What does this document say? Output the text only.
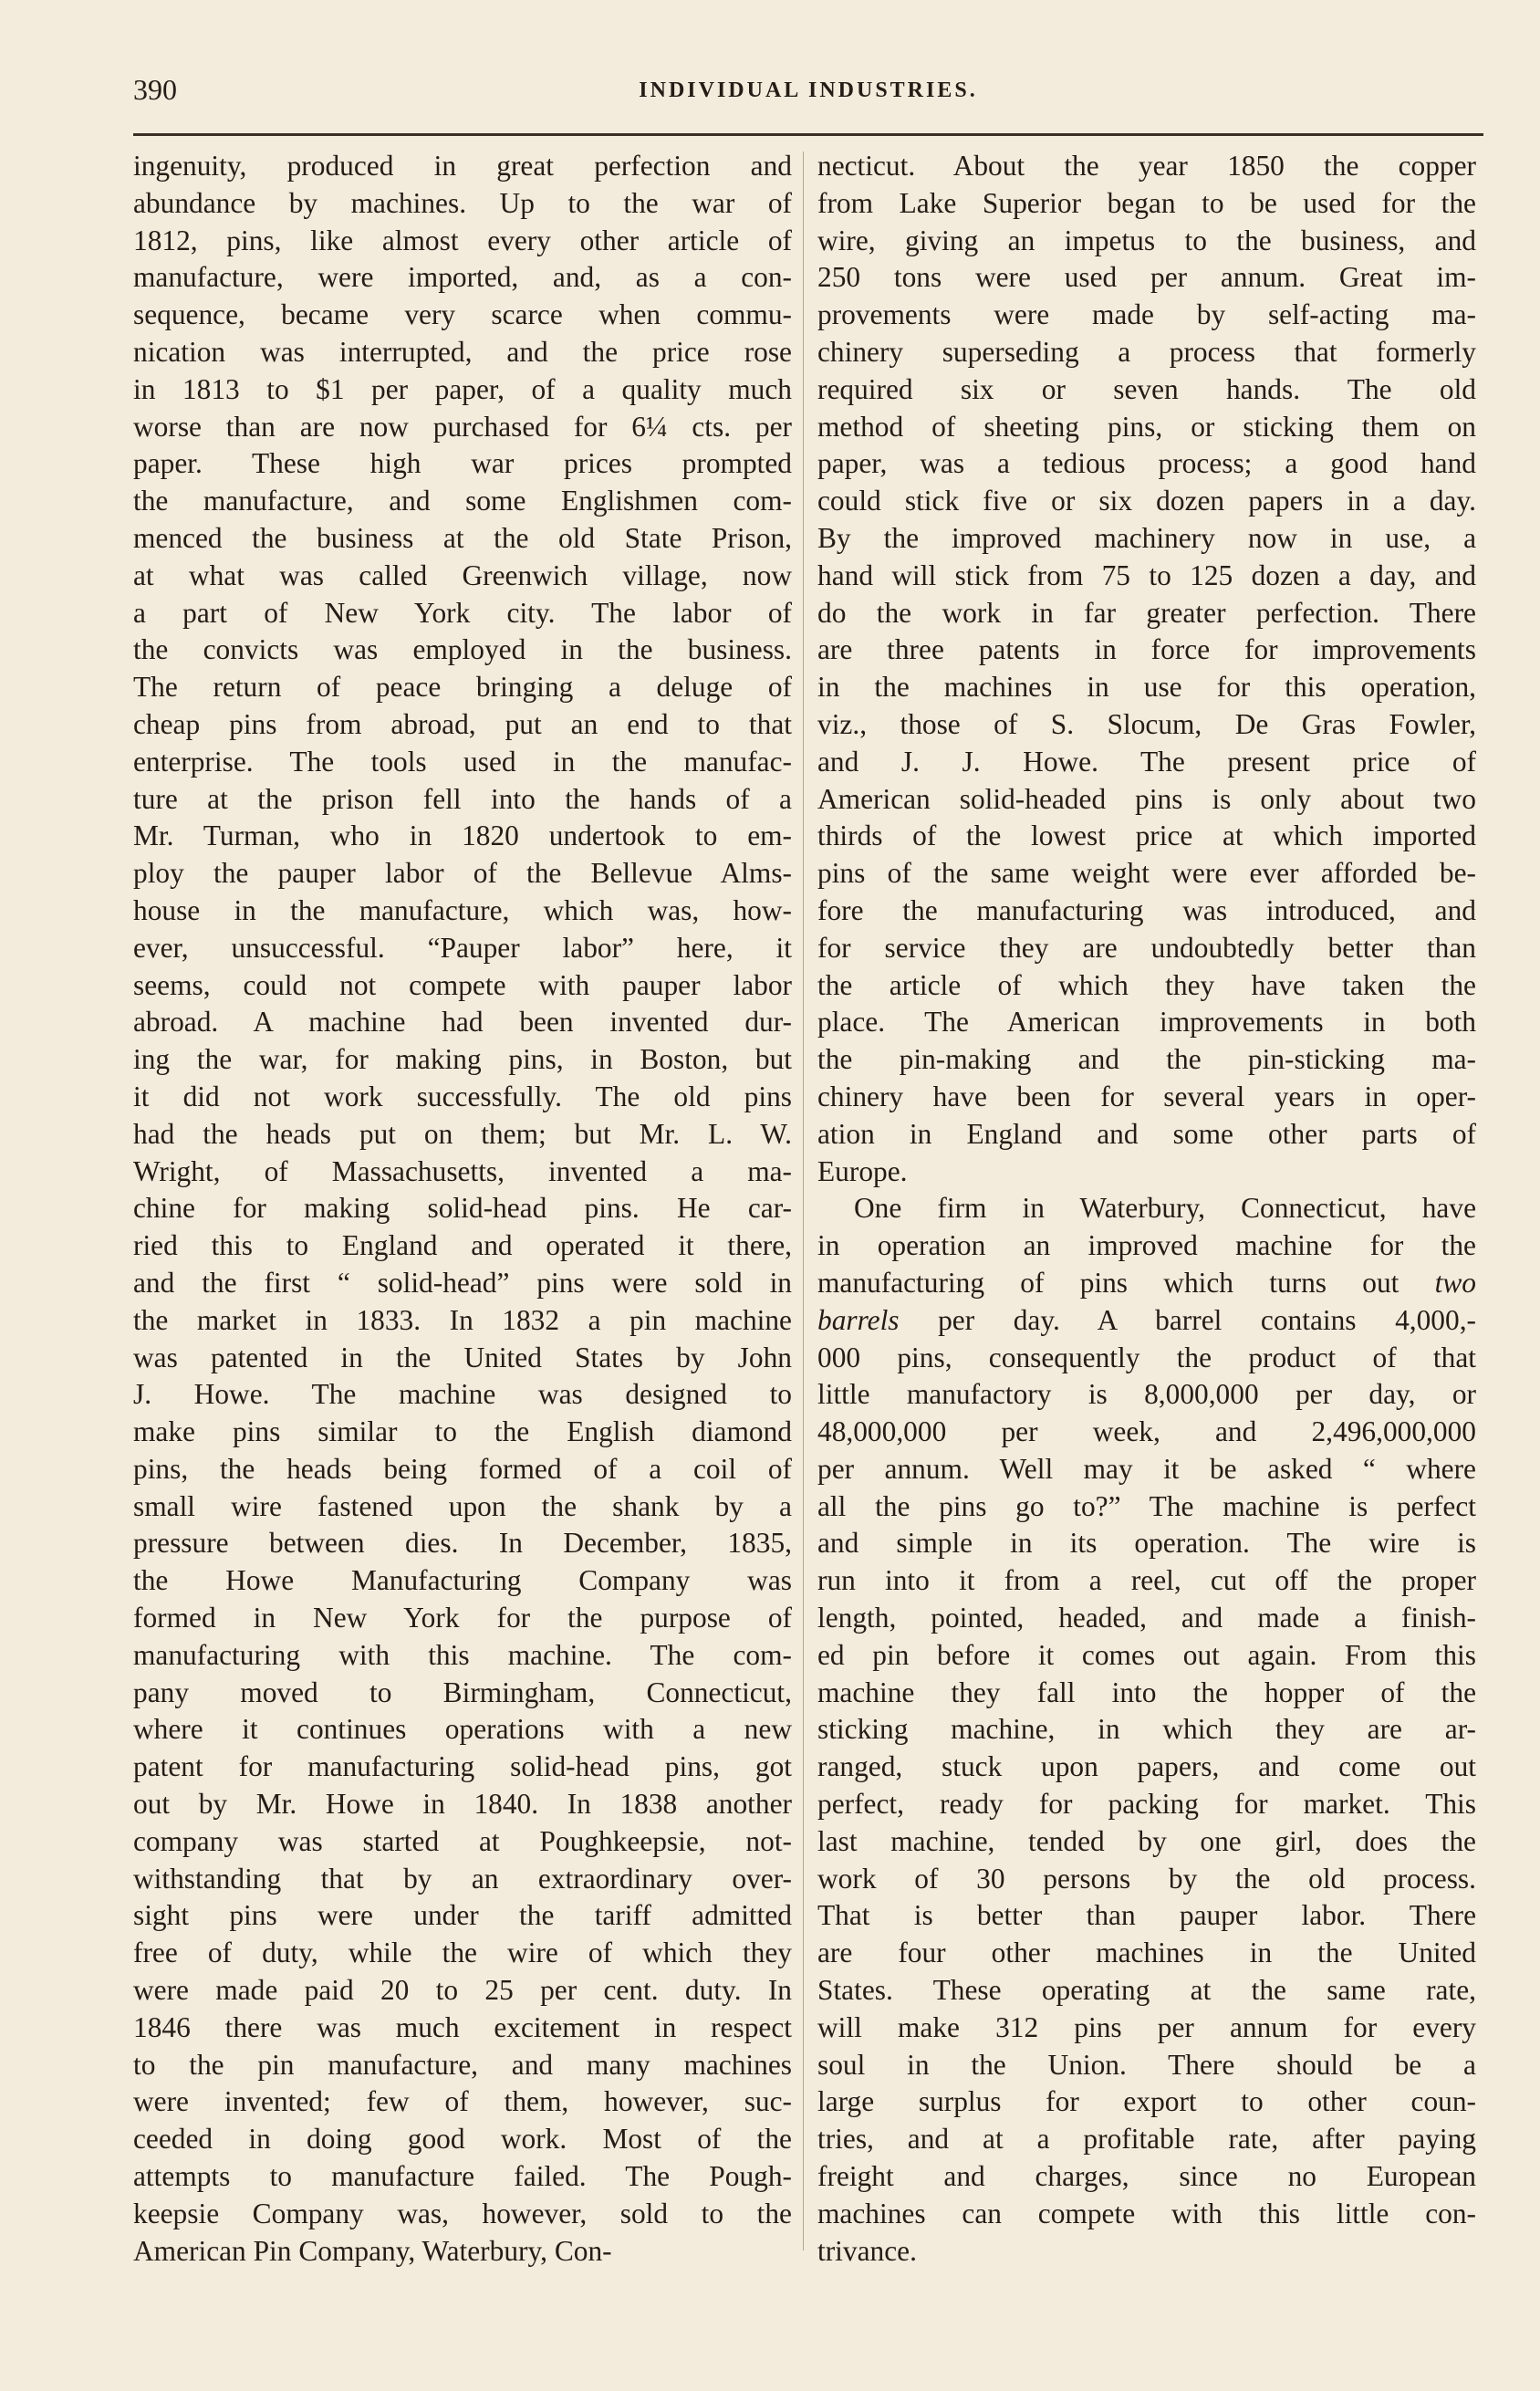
390	INDIVIDUAL INDUSTRIES.
ingenuity, produced in great perfection and
abundance by machines. Up to the war of
1812, pins, like almost every other article of
manufacture, were imported, and, as a con-
sequence, became very scarce when commu-
nication was interrupted, and the price rose
in 1813 to $1 per paper, of a quality much
worse than are now purchased for 6¼ cts. per
paper. These high war prices prompted
the manufacture, and some Englishmen com-
menced the business at the old State Prison,
at what was called Greenwich village, now
a part of New York city. The labor of
the convicts was employed in the business.
The return of peace bringing a deluge of
cheap pins from abroad, put an end to that
enterprise. The tools used in the manufac-
ture at the prison fell into the hands of a
Mr. Turman, who in 1820 undertook to em-
ploy the pauper labor of the Bellevue Alms-
house in the manufacture, which was, how-
ever, unsuccessful. “Pauper labor” here, it
seems, could not compete with pauper labor
abroad. A machine had been invented dur-
ing the war, for making pins, in Boston, but
it did not work successfully. The old pins
had the heads put on them; but Mr. L. W.
Wright, of Massachusetts, invented a ma-
chine for making solid-head pins. He car-
ried this to England and operated it there,
and the first “ solid-head” pins were sold in
the market in 1833. In 1832 a pin machine
was patented in the United States by John
J. Howe. The machine was designed to
make pins similar to the English diamond
pins, the heads being formed of a coil of
small wire fastened upon the shank by a
pressure between dies. In December, 1835,
the Howe Manufacturing Company was
formed in New York for the purpose of
manufacturing with this machine. The com-
pany moved to Birmingham, Connecticut,
where it continues operations with a new
patent for manufacturing solid-head pins, got
out by Mr. Howe in 1840. In 1838 another
company was started at Poughkeepsie, not-
withstanding that by an extraordinary over-
sight pins were under the tariff admitted
free of duty, while the wire of which they
were made paid 20 to 25 per cent. duty. In
1846 there was much excitement in respect
to the pin manufacture, and many machines
were invented; few of them, however, suc-
ceeded in doing good work. Most of the
attempts to manufacture failed. The Pough-
keepsie Company was, however, sold to the
American Pin Company, Waterbury, Con-
necticut. About the year 1850 the copper
from Lake Superior began to be used for the
wire, giving an impetus to the business, and
250 tons were used per annum. Great im-
provements were made by self-acting ma-
chinery superseding a process that formerly
required six or seven hands. The old
method of sheeting pins, or sticking them on
paper, was a tedious process; a good hand
could stick five or six dozen papers in a day.
By the improved machinery now in use, a
hand will stick from 75 to 125 dozen a day, and
do the work in far greater perfection. There
are three patents in force for improvements
in the machines in use for this operation,
viz., those of S. Slocum, De Gras Fowler,
and J. J. Howe. The present price of
American solid-headed pins is only about two
thirds of the lowest price at which imported
pins of the same weight were ever afforded be-
fore the manufacturing was introduced, and
for service they are undoubtedly better than
the article of which they have taken the
place. The American improvements in both
the pin-making and the pin-sticking ma-
chinery have been for several years in oper-
ation in England and some other parts of
Europe.
One firm in Waterbury, Connecticut, have
in operation an improved machine for the
manufacturing of pins which turns out two
barrels per day. A barrel contains 4,000,-
000 pins, consequently the product of that
little manufactory is 8,000,000 per day, or
48,000,000 per week, and 2,496,000,000
per annum. Well may it be asked “ where
all the pins go to?” The machine is perfect
and simple in its operation. The wire is
run into it from a reel, cut off the proper
length, pointed, headed, and made a finish-
ed pin before it comes out again. From this
machine they fall into the hopper of the
sticking machine, in which they are ar-
ranged, stuck upon papers, and come out
perfect, ready for packing for market. This
last machine, tended by one girl, does the
work of 30 persons by the old process.
That is better than pauper labor. There
are four other machines in the United
States. These operating at the same rate,
will make 312 pins per annum for every
soul in the Union. There should be a
large surplus for export to other coun-
tries, and at a profitable rate, after paying
freight and charges, since no European
machines can compete with this little con-
trivance.
